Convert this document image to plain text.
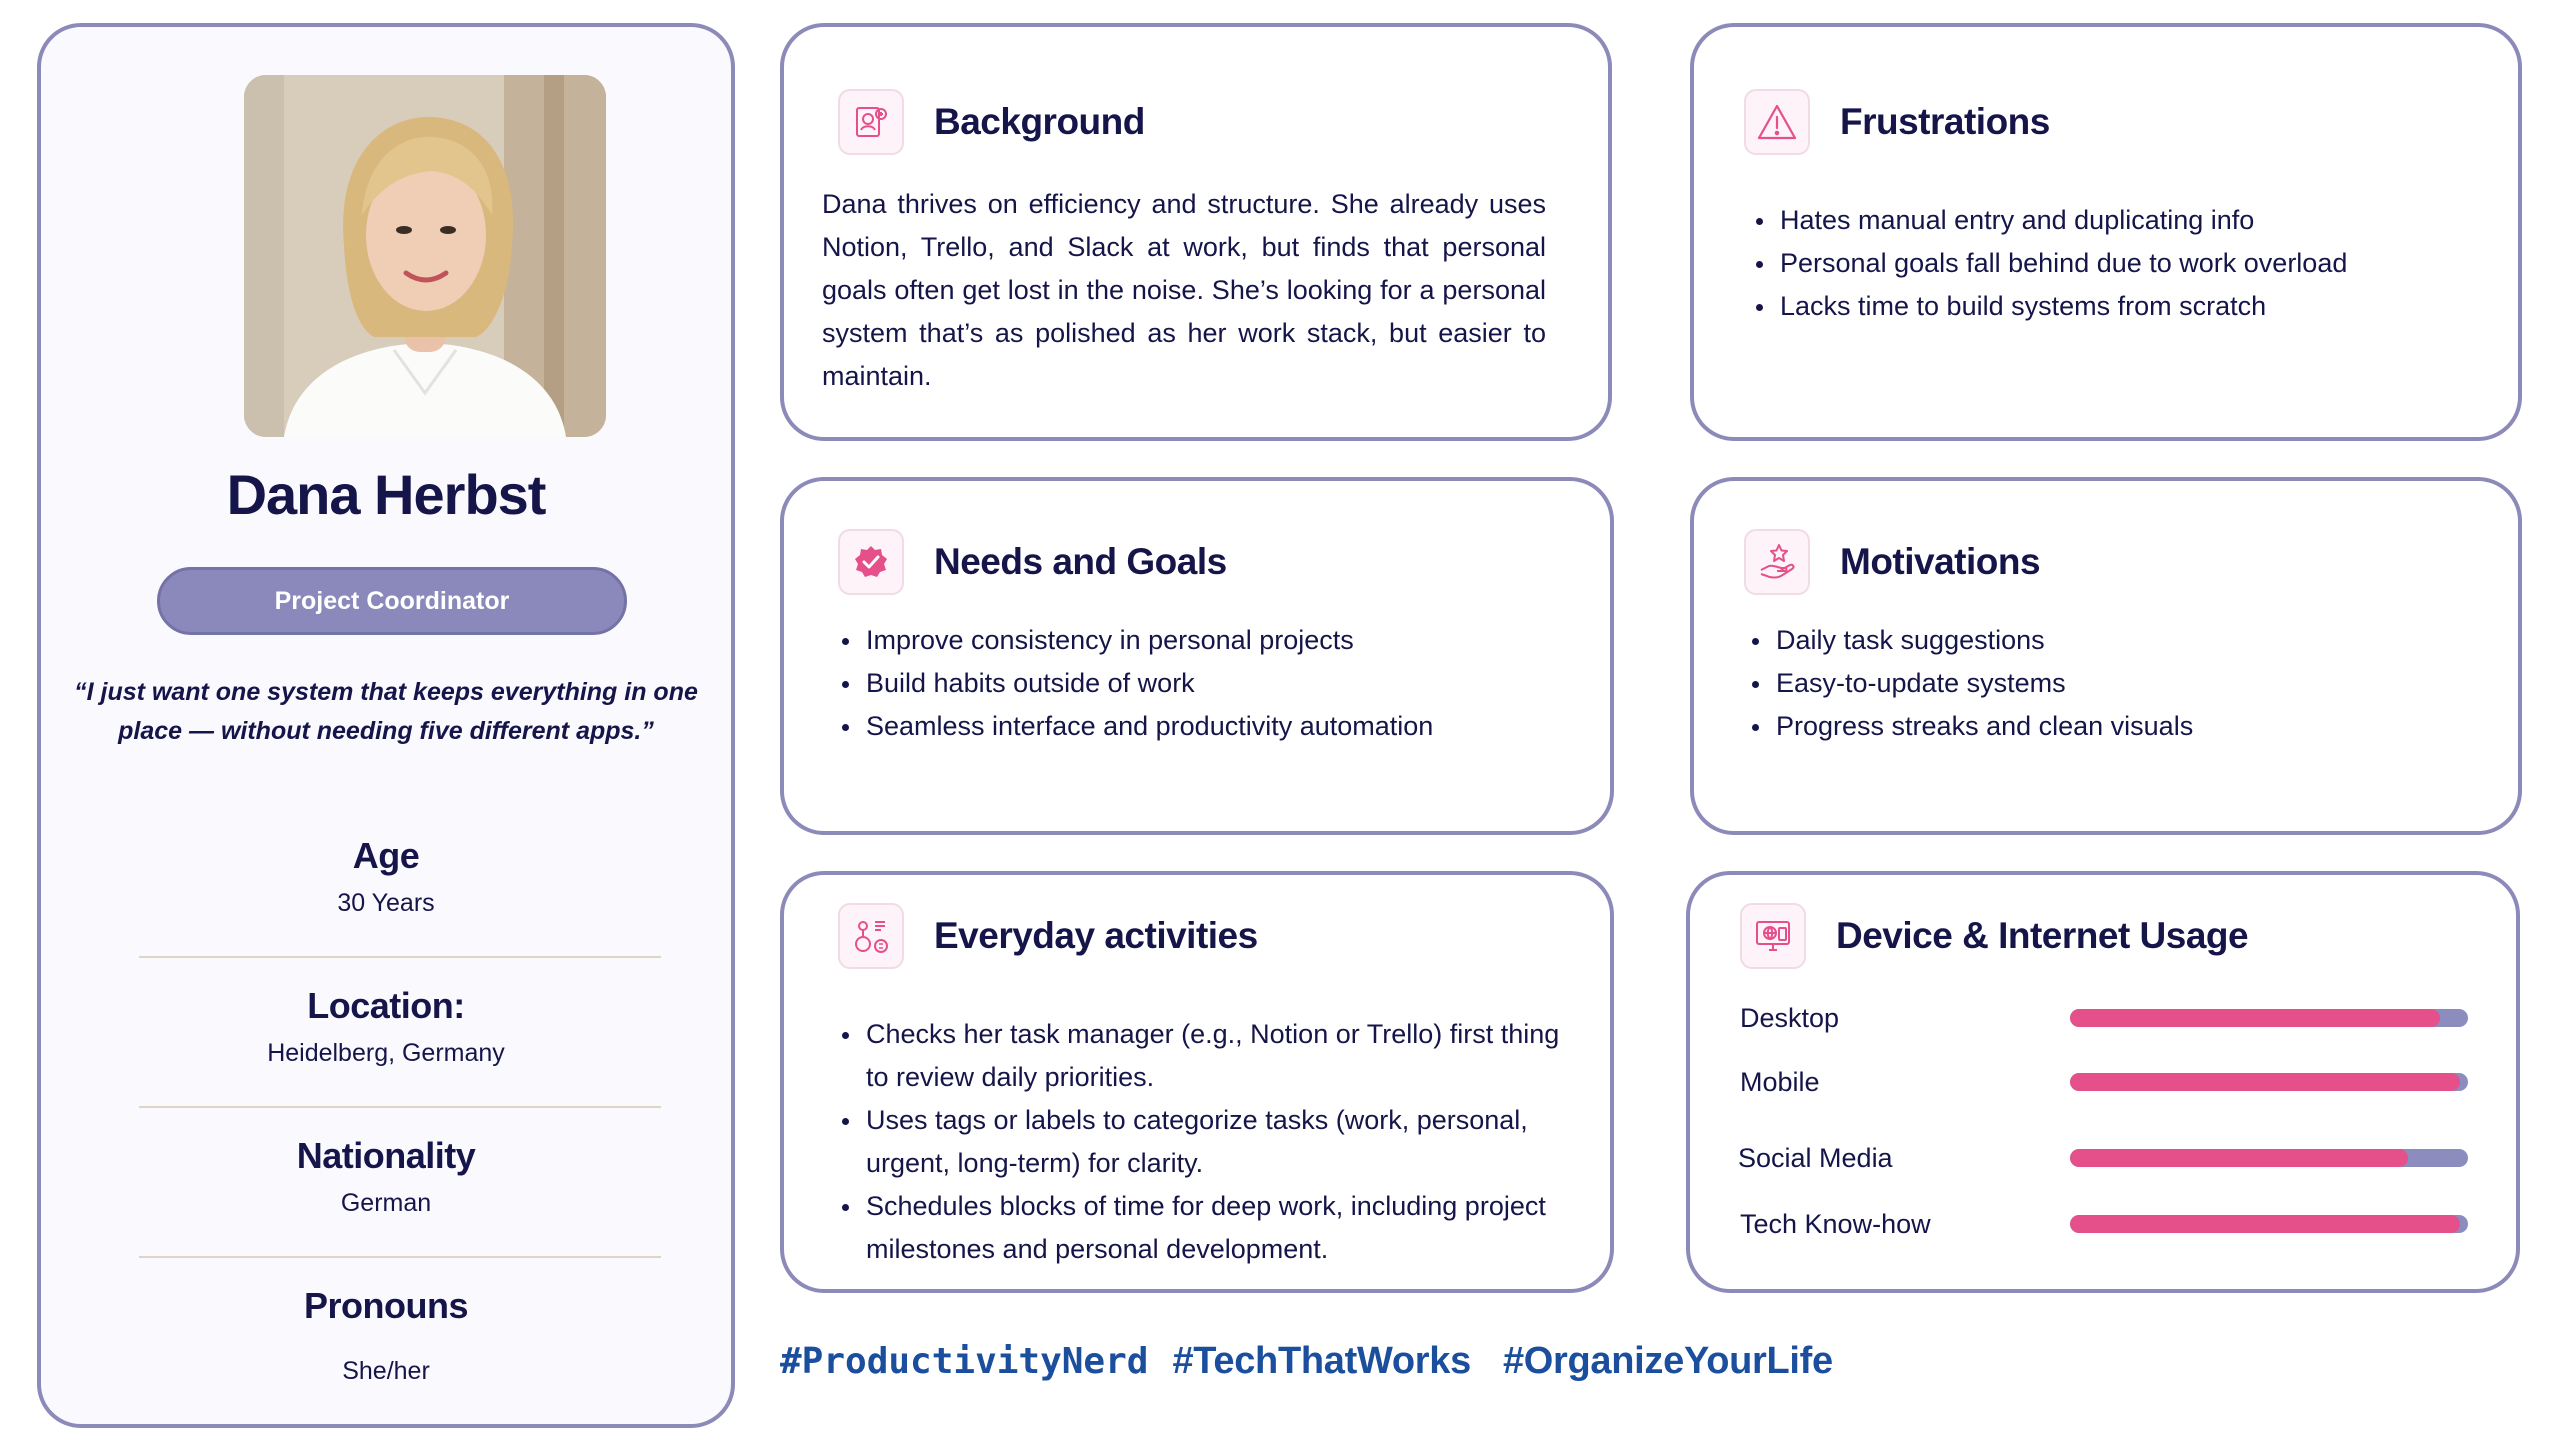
Dana Herbst
Project Coordinator
“I just want one system that keeps everything in one place — without needing five different apps.”
Age
30 Years
Location:
Heidelberg, Germany
Nationality
German
Pronouns
She/her
Background
Dana thrives on efficiency and structure. She already uses Notion, Trello, and Slack at work, but finds that personal goals often get lost in the noise. She’s looking for a personal system that’s as polished as her work stack, but easier to maintain.
Frustrations
Hates manual entry and duplicating info
Personal goals fall behind due to work overload
Lacks time to build systems from scratch
Needs and Goals
Improve consistency in personal projects
Build habits outside of work
Seamless interface and productivity automation
Motivations
Daily task suggestions
Easy-to-update systems
Progress streaks and clean visuals
Everyday activities
Checks her task manager (e.g., Notion or Trello) first thing to review daily priorities.
Uses tags or labels to categorize tasks (work, personal, urgent, long-term) for clarity.
Schedules blocks of time for deep work, including project milestones and personal development.
Device & Internet Usage
Desktop
Mobile
Social Media
Tech Know-how
#ProductivityNerd #TechThatWorks #OrganizeYourLife
